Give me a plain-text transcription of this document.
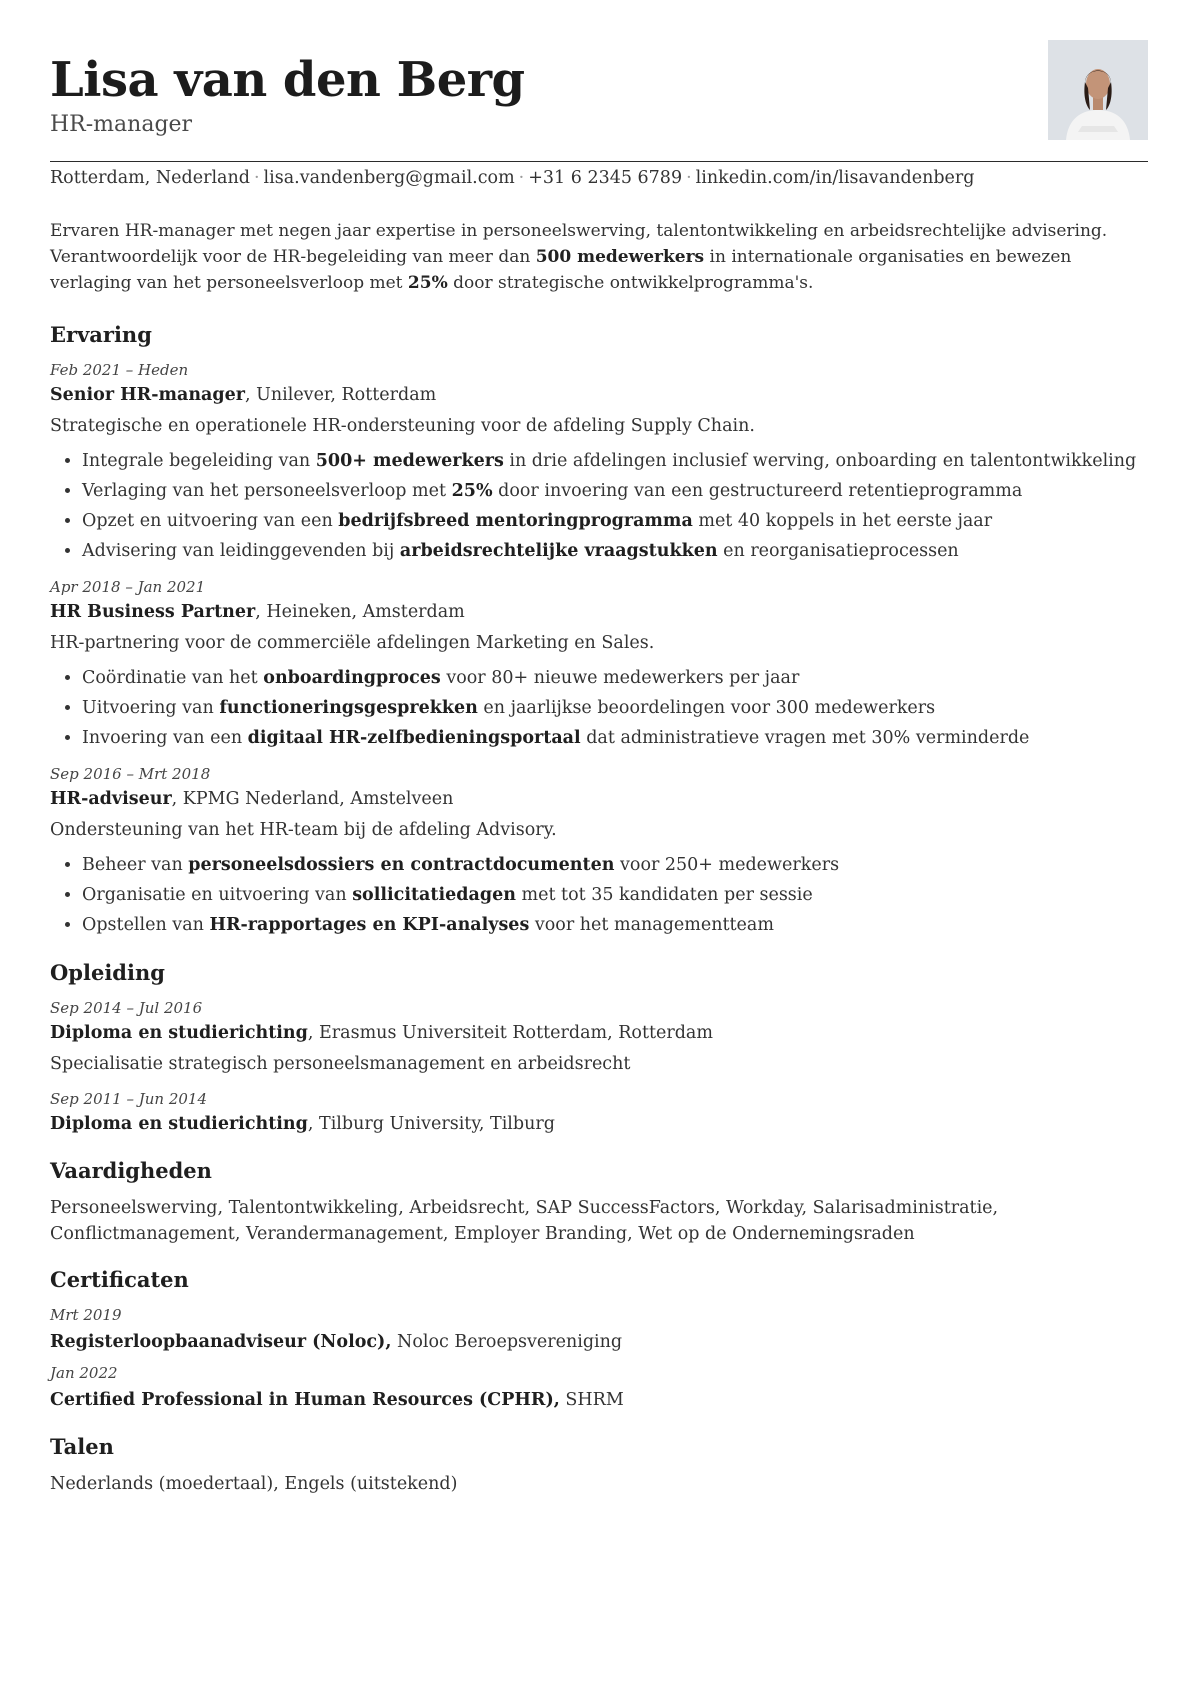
Lisa van den Berg
HR-manager
Rotterdam, Nederland · lisa.vandenberg@gmail.com · +31 6 2345 6789 · linkedin.com/in/lisavandenberg

Ervaren HR-manager met negen jaar expertise in personeelswerving, talentontwikkeling en arbeidsrechtelijke advisering. Verantwoordelijk voor de HR-begeleiding van meer dan 500 medewerkers in internationale organisaties en bewezen verlaging van het personeelsverloop met 25% door strategische ontwikkelprogramma's.

Ervaring
Feb 2021 – Heden
Senior HR-manager, Unilever, Rotterdam
Strategische en operationele HR-ondersteuning voor de afdeling Supply Chain.
• Integrale begeleiding van 500+ medewerkers in drie afdelingen inclusief werving, onboarding en talentontwikkeling
• Verlaging van het personeelsverloop met 25% door invoering van een gestructureerd retentieprogramma
• Opzet en uitvoering van een bedrijfsbreed mentoringprogramma met 40 koppels in het eerste jaar
• Advisering van leidinggevenden bij arbeidsrechtelijke vraagstukken en reorganisatieprocessen
Apr 2018 – Jan 2021
HR Business Partner, Heineken, Amsterdam
HR-partnering voor de commerciële afdelingen Marketing en Sales.
• Coördinatie van het onboardingproces voor 80+ nieuwe medewerkers per jaar
• Uitvoering van functioneringsgesprekken en jaarlijkse beoordelingen voor 300 medewerkers
• Invoering van een digitaal HR-zelfbedieningsportaal dat administratieve vragen met 30% verminderde
Sep 2016 – Mrt 2018
HR-adviseur, KPMG Nederland, Amstelveen
Ondersteuning van het HR-team bij de afdeling Advisory.
• Beheer van personeelsdossiers en contractdocumenten voor 250+ medewerkers
• Organisatie en uitvoering van sollicitatiedagen met tot 35 kandidaten per sessie
• Opstellen van HR-rapportages en KPI-analyses voor het managementteam
Opleiding
Sep 2014 – Jul 2016
Diploma en studierichting, Erasmus Universiteit Rotterdam, Rotterdam
Specialisatie strategisch personeelsmanagement en arbeidsrecht
Sep 2011 – Jun 2014
Diploma en studierichting, Tilburg University, Tilburg
Vaardigheden
Personeelswerving, Talentontwikkeling, Arbeidsrecht, SAP SuccessFactors, Workday, Salarisadministratie, Conflictmanagement, Verandermanagement, Employer Branding, Wet op de Ondernemingsraden
Certificaten
Mrt 2019
Registerloopbaanadviseur (Noloc), Noloc Beroepsvereniging
Jan 2022
Certified Professional in Human Resources (CPHR), SHRM
Talen
Nederlands (moedertaal), Engels (uitstekend)
